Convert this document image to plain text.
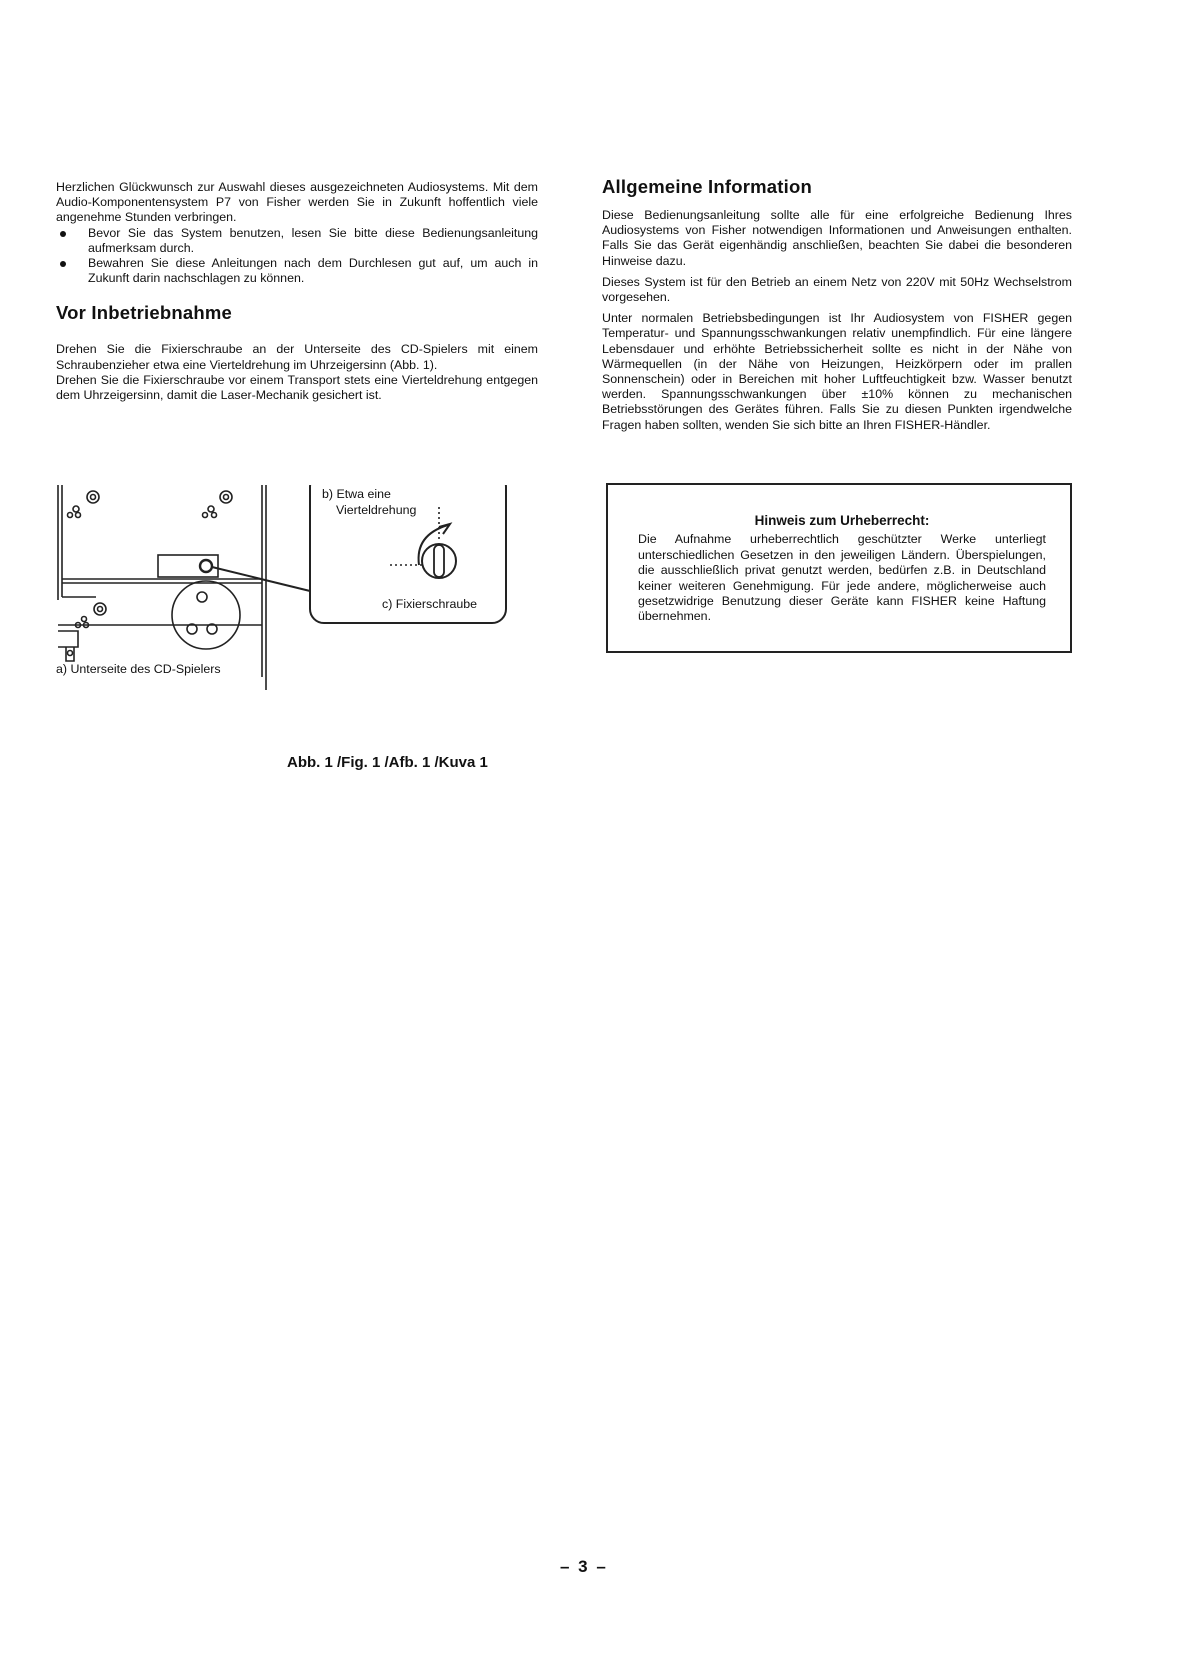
Herzlichen Glückwunsch zur Auswahl dieses ausgezeichneten Audiosystems. Mit dem Audio-Komponentensystem P7 von Fisher werden Sie in Zukunft hoffentlich viele angenehme Stunden verbringen.

Bevor Sie das System benutzen, lesen Sie bitte diese Bedienungsanleitung aufmerksam durch.
Bewahren Sie diese Anleitungen nach dem Durchlesen gut auf, um auch in Zukunft darin nachschlagen zu können.
Vor Inbetriebnahme

Drehen Sie die Fixierschraube an der Unterseite des CD-Spielers mit einem Schraubenzieher etwa eine Vierteldrehung im Uhrzeigersinn (Abb. 1).

Drehen Sie die Fixierschraube vor einem Transport stets eine Vierteldrehung entgegen dem Uhrzeigersinn, damit die Laser-Mechanik gesichert ist.

Allgemeine Information

Diese Bedienungsanleitung sollte alle für eine erfolgreiche Bedienung Ihres Audiosystems von Fisher notwendigen Informationen und Anweisungen enthalten. Falls Sie das Gerät eigenhändig anschließen, beachten Sie dabei die besonderen Hinweise dazu.

Dieses System ist für den Betrieb an einem Netz von 220V mit 50Hz Wechselstrom vorgesehen.

Unter normalen Betriebsbedingungen ist Ihr Audiosystem von FISHER gegen Temperatur- und Spannungsschwankungen relativ unempfindlich. Für eine längere Lebensdauer und erhöhte Betriebssicherheit sollte es nicht in der Nähe von Wärmequellen (in der Nähe von Heizungen, Heizkörpern oder im prallen Sonnenschein) oder in Bereichen mit hoher Luftfeuchtigkeit bzw. Wasser benutzt werden. Spannungsschwankungen über ±10% können zu mechanischen Betriebsstörungen des Gerätes führen. Falls Sie zu diesen Punkten irgendwelche Fragen haben sollten, wenden Sie sich bitte an Ihren FISHER-Händler.

Hinweis zum Urheberrecht:

Die Aufnahme urheberrechtlich geschützter Werke unterliegt unterschiedlichen Gesetzen in den jeweiligen Ländern. Überspielungen, die ausschließlich privat genutzt werden, bedürfen z.B. in Deutschland keiner weiteren Genehmigung. Für jede andere, möglicherweise auch gesetzwidrige Benutzung dieser Geräte kann FISHER keine Haftung übernehmen.

b) Etwa eine
Vierteldrehung
c) Fixierschraube
a) Unterseite des CD-Spielers
Abb. 1 /Fig. 1 /Afb. 1 /Kuva 1
– 3 –
